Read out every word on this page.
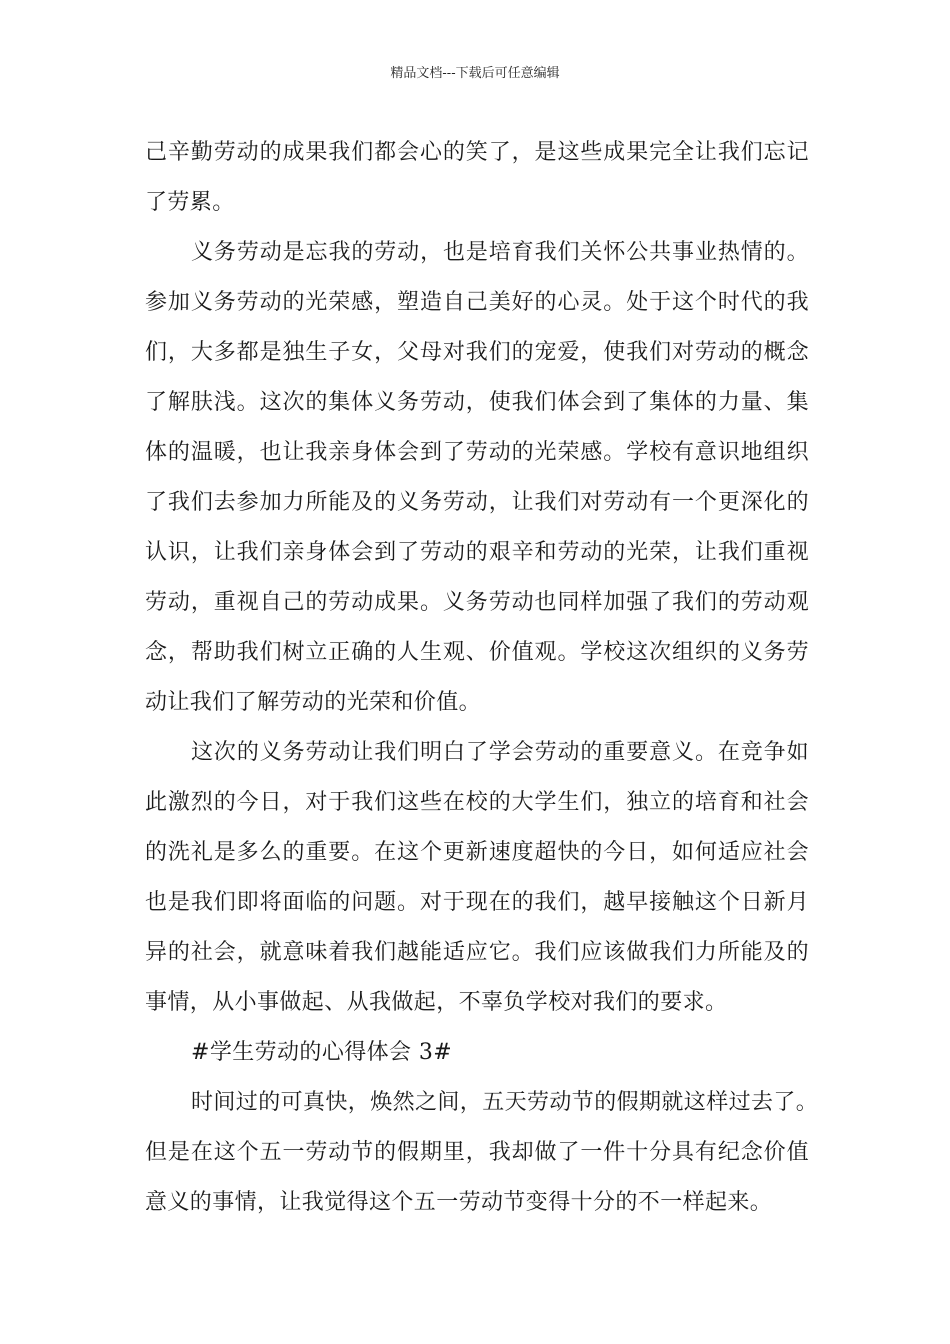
精品文档---下载后可任意编辑
己辛勤劳动的成果我们都会心的笑了，是这些成果完全让我们忘记
了劳累。
义务劳动是忘我的劳动，也是培育我们关怀公共事业热情的。
参加义务劳动的光荣感，塑造自己美好的心灵。处于这个时代的我
们，大多都是独生子女，父母对我们的宠爱，使我们对劳动的概念
了解肤浅。这次的集体义务劳动，使我们体会到了集体的力量、集
体的温暖，也让我亲身体会到了劳动的光荣感。学校有意识地组织
了我们去参加力所能及的义务劳动，让我们对劳动有一个更深化的
认识，让我们亲身体会到了劳动的艰辛和劳动的光荣，让我们重视
劳动，重视自己的劳动成果。义务劳动也同样加强了我们的劳动观
念，帮助我们树立正确的人生观、价值观。学校这次组织的义务劳
动让我们了解劳动的光荣和价值。
这次的义务劳动让我们明白了学会劳动的重要意义。在竞争如
此激烈的今日，对于我们这些在校的大学生们，独立的培育和社会
的洗礼是多么的重要。在这个更新速度超快的今日，如何适应社会
也是我们即将面临的问题。对于现在的我们，越早接触这个日新月
异的社会，就意味着我们越能适应它。我们应该做我们力所能及的
事情，从小事做起、从我做起，不辜负学校对我们的要求。
#学生劳动的心得体会 3#
时间过的可真快，焕然之间，五天劳动节的假期就这样过去了。
但是在这个五一劳动节的假期里，我却做了一件十分具有纪念价值
意义的事情，让我觉得这个五一劳动节变得十分的不一样起来。
